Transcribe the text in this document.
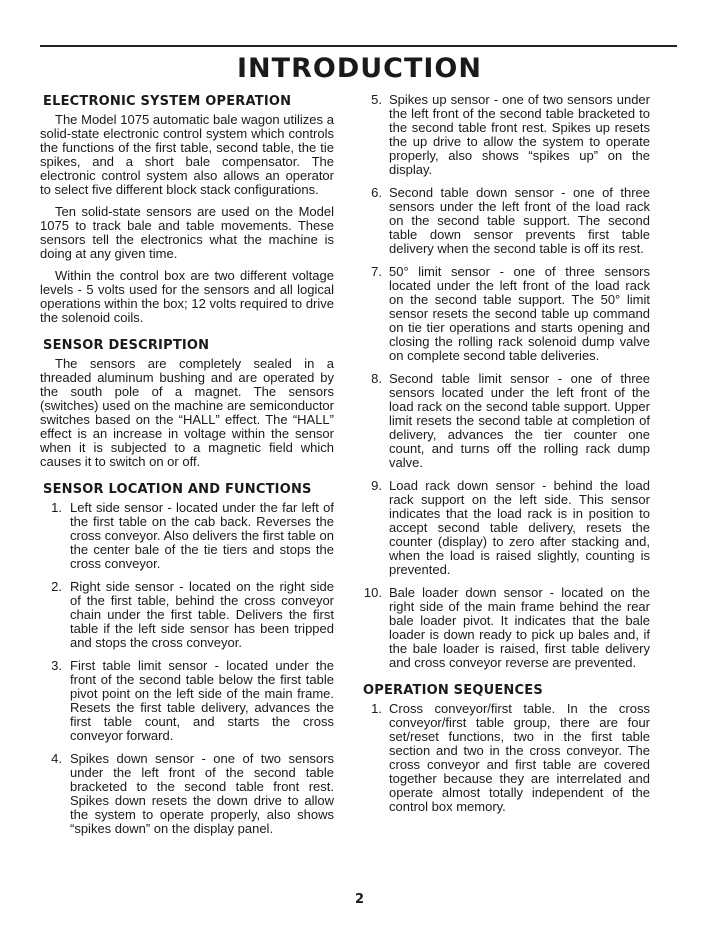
INTRODUCTION
ELECTRONIC SYSTEM OPERATION

The Model 1075 automatic bale wagon utilizes a solid-state electronic control system which controls the functions of the first table, second table, the tie spikes, and a short bale compensator. The electronic control system also allows an operator to select five different block stack configurations.

Ten solid-state sensors are used on the Model 1075 to track bale and table movements. These sensors tell the electronics what the machine is doing at any given time.

Within the control box are two different voltage levels - 5 volts used for the sensors and all logical operations within the box; 12 volts required to drive the solenoid coils.

SENSOR DESCRIPTION

The sensors are completely sealed in a threaded aluminum bushing and are operated by the south pole of a magnet. The sensors (switches) used on the machine are semiconductor switches based on the “HALL” effect. The “HALL” effect is an increase in voltage within the sensor when it is subjected to a magnetic field which causes it to switch on or off.

SENSOR LOCATION AND FUNCTIONS
1. Left side sensor - located under the far left of the first table on the cab back. Reverses the cross conveyor. Also delivers the first table on the center bale of the tie tiers and stops the cross conveyor.
2. Right side sensor - located on the right side of the first table, behind the cross conveyor chain under the first table. Delivers the first table if the left side sensor has been tripped and stops the cross conveyor.
3. First table limit sensor - located under the front of the second table below the first table pivot point on the left side of the main frame. Resets the first table delivery, advances the first table count, and starts the cross conveyor forward.
4. Spikes down sensor - one of two sensors under the left front of the second table bracketed to the second table front rest. Spikes down resets the down drive to allow the system to operate properly, also shows “spikes down” on the display panel.
5. Spikes up sensor - one of two sensors under the left front of the second table bracketed to the second table front rest. Spikes up resets the up drive to allow the system to operate properly, also shows “spikes up” on the display.
6. Second table down sensor - one of three sensors under the left front of the load rack on the second table support. The second table down sensor prevents first table delivery when the second table is off its rest.
7. 50° limit sensor - one of three sensors located under the left front of the load rack on the second table support. The 50° limit sensor resets the second table up command on tie tier operations and starts opening and closing the rolling rack solenoid dump valve on complete second table deliveries.
8. Second table limit sensor - one of three sensors located under the left front of the load rack on the second table support. Upper limit resets the second table at completion of delivery, advances the tier counter one count, and turns off the rolling rack dump valve.
9. Load rack down sensor - behind the load rack support on the left side. This sensor indicates that the load rack is in position to accept second table delivery, resets the counter (display) to zero after stacking and, when the load is raised slightly, counting is prevented.
10. Bale loader down sensor - located on the right side of the main frame behind the rear bale loader pivot. It indicates that the bale loader is down ready to pick up bales and, if the bale loader is raised, first table delivery and cross conveyor reverse are prevented.
OPERATION SEQUENCES
1. Cross conveyor/first table. In the cross conveyor/first table group, there are four set/reset functions, two in the first table section and two in the cross conveyor. The cross conveyor and first table are covered together because they are interrelated and operate almost totally independent of the control box memory.
2
